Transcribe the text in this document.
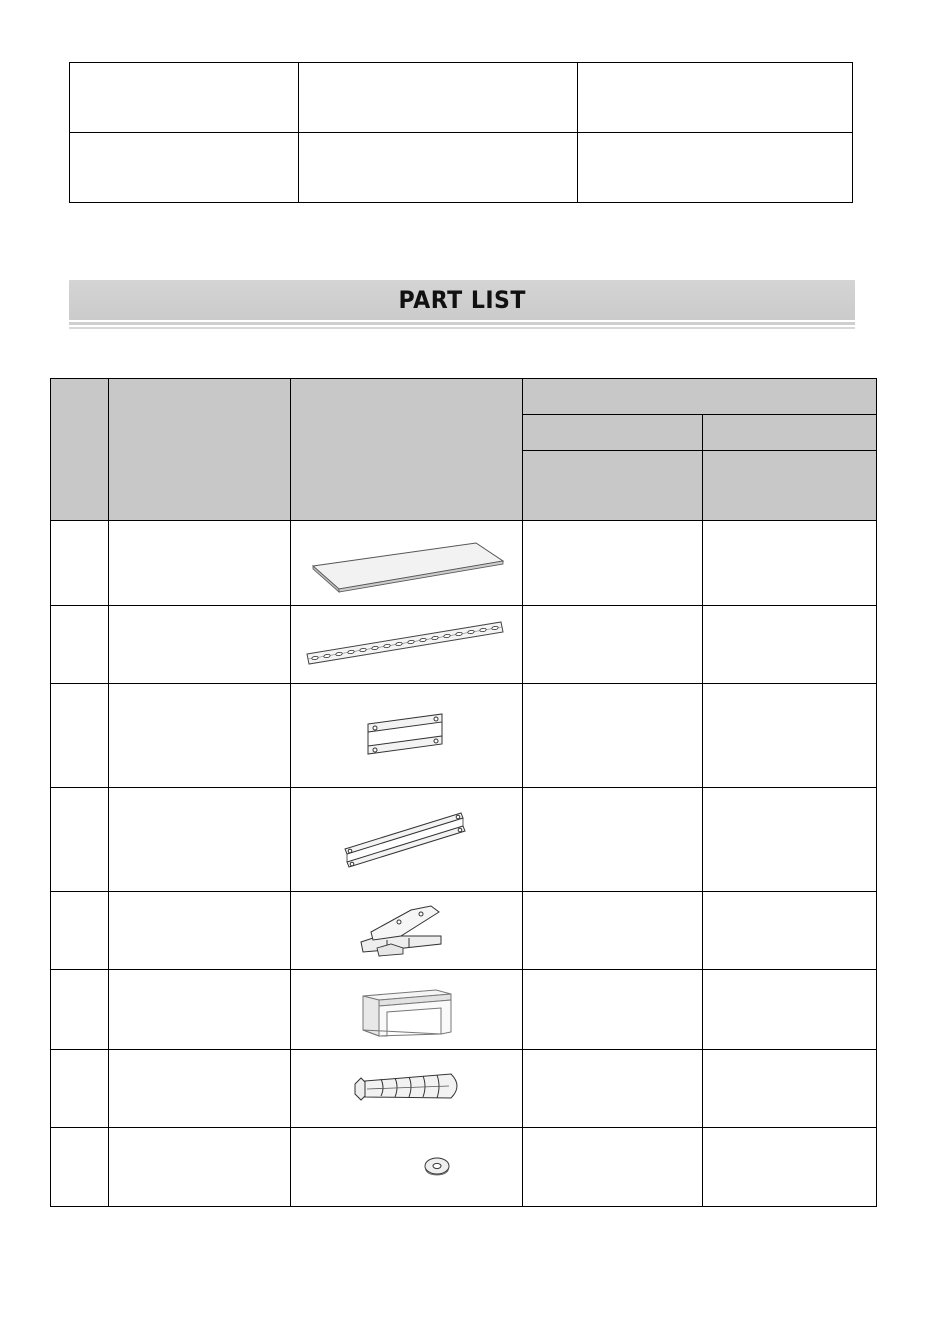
PART LIST
